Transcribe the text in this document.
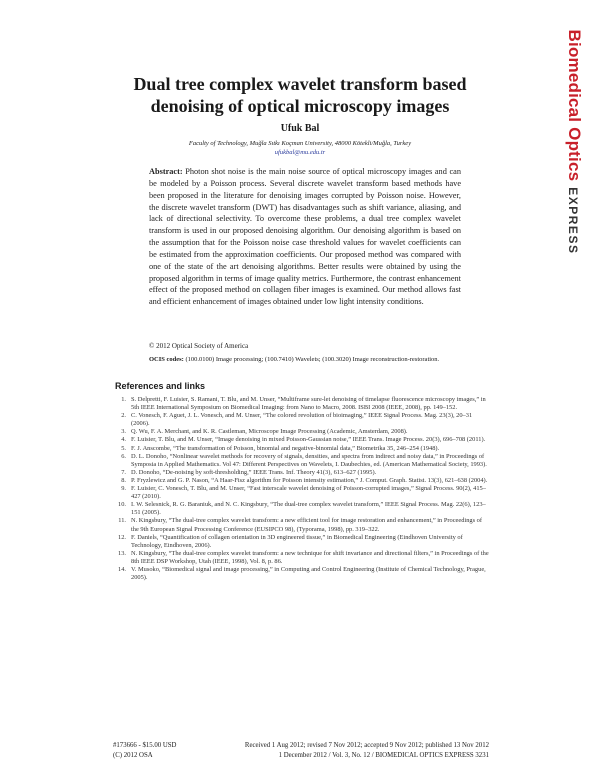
Biomedical OpticsEXPRESS
Dual tree complex wavelet transform based
denoising of optical microscopy images
Ufuk Bal
Faculty of Technology, Muğla Sıtkı Koçman University, 48000 Kötekli/Muğla, Turkey
ufukbal@mu.edu.tr
Abstract: Photon shot noise is the main noise source of optical microscopy images and can be modeled by a Poisson process. Several discrete wavelet transform based methods have been proposed in the literature for denoising images corrupted by Poisson noise. However, the discrete wavelet transform (DWT) has disadvantages such as shift variance, aliasing, and lack of directional selectivity. To overcome these problems, a dual tree complex wavelet transform is used in our proposed denoising algorithm. Our denoising algorithm is based on the assumption that for the Poisson noise case threshold values for wavelet coefficients can be estimated from the approximation coefficients. Our proposed method was compared with one of the state of the art denoising algorithms. Better results were obtained by using the proposed algorithm in terms of image quality metrics. Furthermore, the contrast enhancement effect of the proposed method on collagen fiber images is examined. Our method allows fast and efficient enhancement of images obtained under low light intensity conditions.
© 2012 Optical Society of America
OCIS codes: (100.0100) Image processing; (100.7410) Wavelets; (100.3020) Image reconstruction-restoration.
References and links
1. S. Delpretti, F. Luisier, S. Ramani, T. Blu, and M. Unser, “Multiframe sure-let denoising of timelapse fluorescence microscopy images,” in 5th IEEE International Symposium on Biomedical Imaging: from Nano to Macro, 2008. ISBI 2008 (IEEE, 2008), pp. 149–152.
2. C. Vonesch, F. Aguet, J. L. Vonesch, and M. Unser, “The colored revolution of bioimaging,” IEEE Signal Process. Mag. 23(3), 20–31 (2006).
3. Q. Wu, F. A. Merchant, and K. R. Castleman, Microscope Image Processing (Academic, Amsterdam, 2008).
4. F. Luisier, T. Blu, and M. Unser, “Image denoising in mixed Poisson-Gaussian noise,” IEEE Trans. Image Process. 20(3), 696–708 (2011).
5. F. J. Anscombe, “The transformation of Poisson, binomial and negative-binomial data,” Biometrika 35, 246–254 (1948).
6. D. L. Donoho, “Nonlinear wavelet methods for recovery of signals, densities, and spectra from indirect and noisy data,” in Proceedings of Symposia in Applied Mathematics. Vol 47: Different Perspectives on Wavelets, I. Daubechies, ed. (American Mathematical Society, 1993).
7. D. Donoho, “De-noising by soft-thresholding,” IEEE Trans. Inf. Theory 41(3), 613–627 (1995).
8. P. Fryzlewicz and G. P. Nason, “A Haar-Fisz algorithm for Poisson intensity estimation,” J. Comput. Graph. Statist. 13(3), 621–638 (2004).
9. F. Luisier, C. Vonesch, T. Blu, and M. Unser, “Fast interscale wavelet denoising of Poisson-corrupted images,” Signal Process. 90(2), 415–427 (2010).
10. I. W. Selesnick, R. G. Baraniuk, and N. C. Kingsbury, “The dual-tree complex wavelet transform,” IEEE Signal Process. Mag. 22(6), 123–151 (2005).
11. N. Kingsbury, “The dual-tree complex wavelet transform: a new efficient tool for image restoration and enhancement,” in Proceedings of the 9th European Signal Processing Conference (EUSIPCO 98), (Typorama, 1998), pp. 319–322.
12. F. Daniels, “Quantification of collagen orientation in 3D engineered tissue,” in Biomedical Engineering (Eindhoven University of Technology, Eindhoven, 2006).
13. N. Kingsbury, “The dual-tree complex wavelet transform: a new technique for shift invariance and directional filters,” in Proceedings of the 8th IEEE DSP Workshop, Utah (IEEE, 1998), Vol. 8, p. 86.
14. V. Musoko, “Biomedical signal and image processing,” in Computing and Control Engineering (Institute of Chemical Technology, Prague, 2005).
#173666 - $15.00 USD
(C) 2012 OSA
Received 1 Aug 2012; revised 7 Nov 2012; accepted 9 Nov 2012; published 13 Nov 2012
1 December 2012 / Vol. 3, No. 12 / BIOMEDICAL OPTICS EXPRESS 3231
